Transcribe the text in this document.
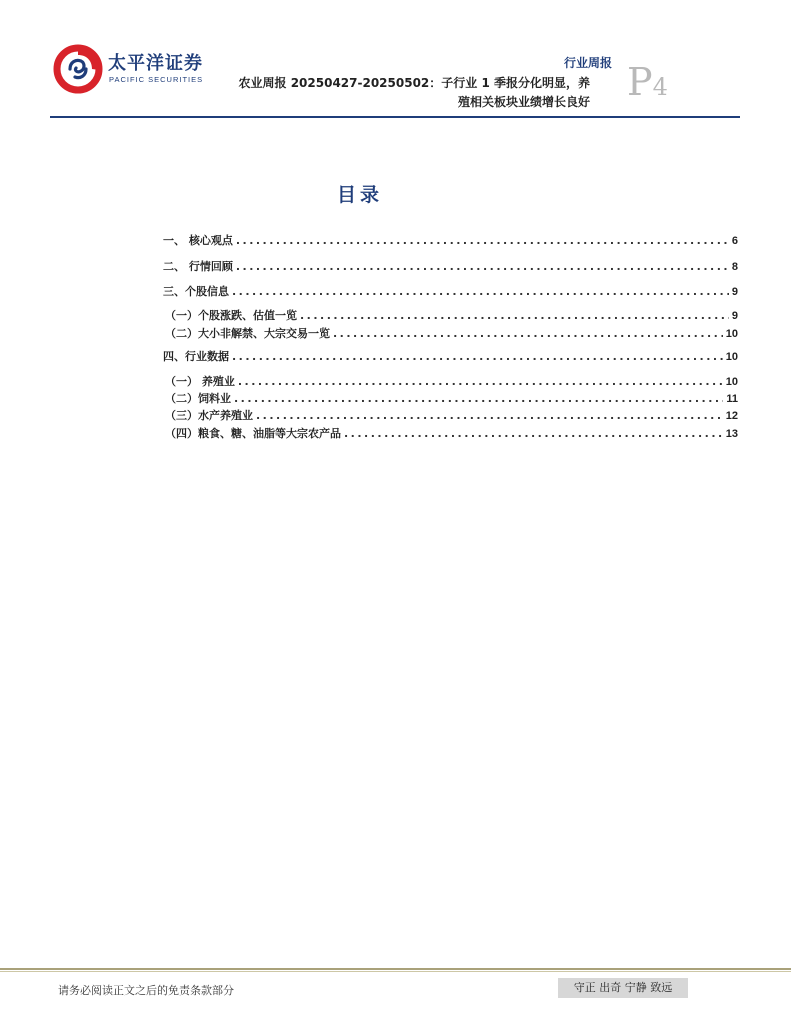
太平洋证券
PACIFIC SECURITIES
行业周报
农业周报 20250427-20250502：子行业 1 季报分化明显，养
殖相关板块业绩增长良好 P4
目录
一、 核心观点 .....	6
二、 行情回顾 .....	8
三、个股信息 .....	9
（一）个股涨跌、估值一览 .....	9
（二）大小非解禁、大宗交易一览 .....	10
四、行业数据 .....	10
（一） 养殖业 .....	10
（二）饲料业 .....	11
（三）水产养殖业 .....	12
（四）粮食、糖、油脂等大宗农产品 .....	13
请务必阅读正文之后的免责条款部分	守正 出奇 宁静 致远
